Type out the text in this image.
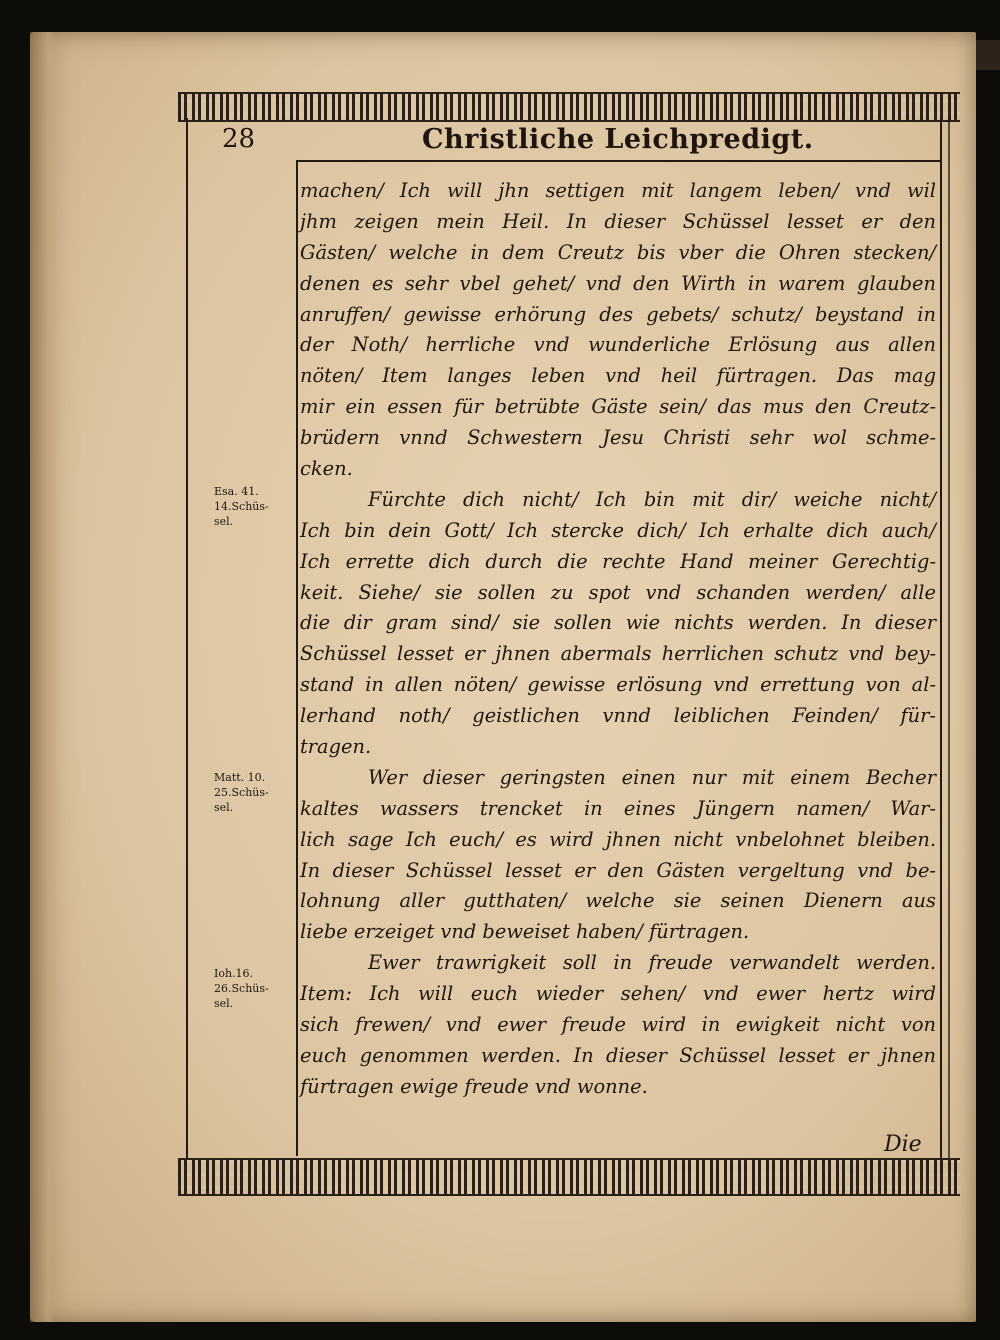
28	Christliche Leichpredigt.
Esa. 41.
14.Schüs-
sel.
Matt. 10.
25.Schüs-
sel.
Ioh.16.
26.Schüs-
sel.
machen/ Ich will jhn settigen mit langem leben/ vnd wil
jhm zeigen mein Heil. In dieser Schüssel lesset er den
Gästen/ welche in dem Creutz bis vber die Ohren stecken/
denen es sehr vbel gehet/ vnd den Wirth in warem glauben
anruffen/ gewisse erhörung des gebets/ schutz/ beystand in
der Noth/ herrliche vnd wunderliche Erlösung aus allen
nöten/ Item langes leben vnd heil fürtragen. Das mag
mir ein essen für betrübte Gäste sein/ das mus den Creutz-
brüdern vnnd Schwestern Jesu Christi sehr wol schme-
cken.
Fürchte dich nicht/ Ich bin mit dir/ weiche nicht/
Ich bin dein Gott/ Ich stercke dich/ Ich erhalte dich auch/
Ich errette dich durch die rechte Hand meiner Gerechtig-
keit. Siehe/ sie sollen zu spot vnd schanden werden/ alle
die dir gram sind/ sie sollen wie nichts werden. In dieser
Schüssel lesset er jhnen abermals herrlichen schutz vnd bey-
stand in allen nöten/ gewisse erlösung vnd errettung von al-
lerhand noth/ geistlichen vnnd leiblichen Feinden/ für-
tragen.
Wer dieser geringsten einen nur mit einem Becher
kaltes wassers trencket in eines Jüngern namen/ War-
lich sage Ich euch/ es wird jhnen nicht vnbelohnet bleiben.
In dieser Schüssel lesset er den Gästen vergeltung vnd be-
lohnung aller gutthaten/ welche sie seinen Dienern aus
liebe erzeiget vnd beweiset haben/ fürtragen.
Ewer trawrigkeit soll in freude verwandelt werden.
Item: Ich will euch wieder sehen/ vnd ewer hertz wird
sich frewen/ vnd ewer freude wird in ewigkeit nicht von
euch genommen werden. In dieser Schüssel lesset er jhnen
fürtragen ewige freude vnd wonne.
Die
